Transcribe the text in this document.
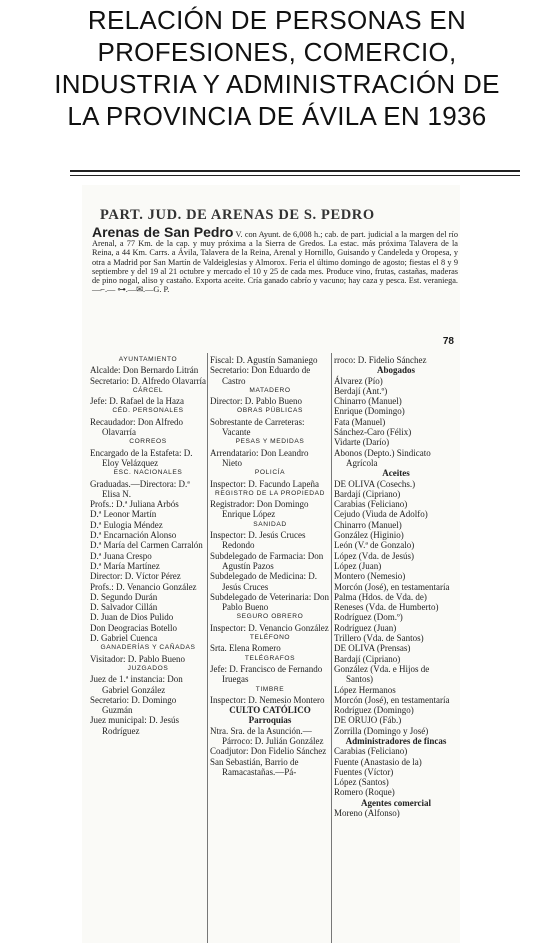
RELACIÓN DE PERSONAS EN
PROFESIONES, COMERCIO,
INDUSTRIA Y ADMINISTRACIÓN DE
LA PROVINCIA DE ÁVILA EN 1936
PART. JUD. DE ARENAS DE S. PEDRO
Arenas de San Pedro V. con Ayunt. de 6,008 h.; cab. de part. judicial a la margen del río Arenal, a 77 Km. de la cap. y muy próxima a la Sierra de Gredos. La estac. más próxima Talavera de la Reina, a 44 Km. Carrs. a Ávila, Talavera de la Reina, Arenal y Hornillo, Guisando y Candeleda y Oropesa, y otra a Madrid por San Martín de Valdeiglesias y Almorox. Feria el último domingo de agosto; fiestas el 8 y 9 septiembre y del 19 al 21 octubre y mercado el 10 y 25 de cada mes. Produce vino, frutas, castañas, maderas de pino nogal, aliso y castaño. Exporta aceite. Cría ganado cabrío y vacuno; hay caza y pesca. Est. veraniega.—⌐.— ⊶.—✉.—G. P.
78
AYUNTAMIENTO
Alcalde: Don Bernardo Litrán
Secretario: D. Alfredo Olavarría
CÁRCEL
Jefe: D. Rafael de la Haza
CÉD. PERSONALES
Recaudador: Don Alfredo Olavarría
CORREOS
Encargado de la Estafeta: D. Eloy Velázquez
ESC. NACIONALES
Graduadas.—Directora: D.ª Elisa N.
Profs.: D.ª Juliana Arbós
D.ª Leonor Martín
D.ª Eulogia Méndez
D.ª Encarnación Alonso
D.ª María del Carmen Carralón
D.ª Juana Crespo
D.ª María Martínez
Director: D. Víctor Pérez
Profs.: D. Venancio González
D. Segundo Durán
D. Salvador Cillán
D. Juan de Dios Pulido
Don Deogracias Botello
D. Gabriel Cuenca
GANADERÍAS Y CAÑADAS
Visitador: D. Pablo Bueno
JUZGADOS
Juez de 1.ª instancia: Don Gabriel González
Secretario: D. Domingo Guzmán
Juez municipal: D. Jesús Rodríguez
Fiscal: D. Agustín Samaniego
Secretario: Don Eduardo de Castro
MATADERO
Director: D. Pablo Bueno
OBRAS PÚBLICAS
Sobrestante de Carreteras: Vacante
PESAS Y MEDIDAS
Arrendatario: Don Leandro Nieto
POLICÍA
Inspector: D. Facundo Lapeña
REGISTRO DE LA PROPIEDAD
Registrador: Don Domingo Enrique López
SANIDAD
Inspector: D. Jesús Cruces Redondo
Subdelegado de Farmacia: Don Agustín Pazos
Subdelegado de Medicina: D. Jesús Cruces
Subdelegado de Veterinaria: Don Pablo Bueno
SEGURO OBRERO
Inspector: D. Venancio González
TELÉFONO
Srta. Elena Romero
TELÉGRAFOS
Jefe: D. Francisco de Fernando Iruegas
TIMBRE
Inspector: D. Nemesio Montero
CULTO CATÓLICO
Parroquias
Ntra. Sra. de la Asunción.—Párroco: D. Julián González
Coadjutor: Don Fidelio Sánchez
San Sebastián, Barrio de Ramacastañas.—Pá-
rroco: D. Fidelio Sánchez
Abogados
Álvarez (Pío)
Berdají (Ant.º)
Chinarro (Manuel)
Enrique (Domingo)
Fata (Manuel)
Sánchez-Caro (Félix)
Vidarte (Darío)
Abonos (Depto.) Sindicato Agrícola
Aceites
DE OLIVA (Cosechs.)
Bardají (Cipriano)
Carabias (Feliciano)
Cejudo (Viuda de Adolfo)
Chinarro (Manuel)
González (Higinio)
León (V.ª de Gonzalo)
López (Vda. de Jesús)
López (Juan)
Montero (Nemesio)
Morcón (José), en testamentaría
Palma (Hdos. de Vda. de)
Reneses (Vda. de Humberto)
Rodríguez (Dom.º)
Rodríguez (Juan)
Trillero (Vda. de Santos)
DE OLIVA (Prensas)
Bardají (Cipriano)
González (Vda. e Hijos de Santos)
López Hermanos
Morcón (José), en testamentaría
Rodríguez (Domingo)
DE ORUJO (Fáb.)
Zorrilla (Domingo y José)
Administradores de fincas
Carabias (Feliciano)
Fuente (Anastasio de la)
Fuentes (Víctor)
López (Santos)
Romero (Roque)
Agentes comercial
Moreno (Alfonso)
